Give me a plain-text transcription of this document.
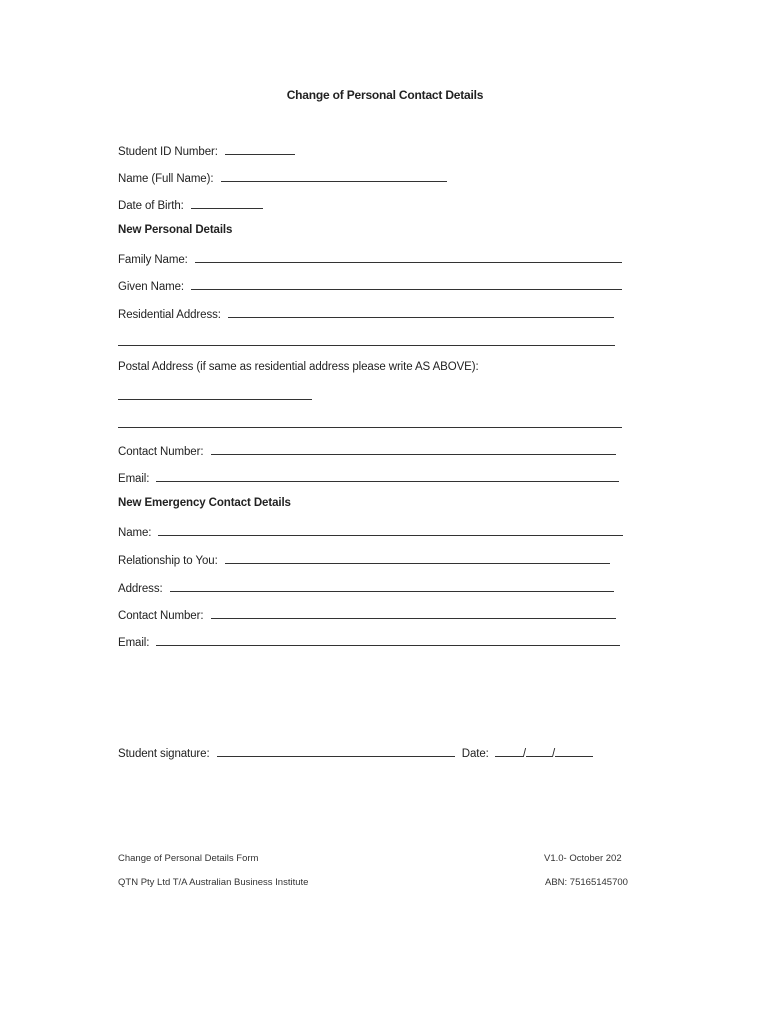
Change of Personal Contact Details
Student ID Number:
Name (Full Name):
Date of Birth:
New Personal Details
Family Name:
Given Name:
Residential Address:
Postal Address (if same as residential address please write AS ABOVE):
Contact Number:
Email:
New Emergency Contact Details
Name:
Relationship to You:
Address:
Contact Number:
Email:
Student signature:	Date:	/ /
Change of Personal Details Form	V1.0- October 202
QTN Pty Ltd T/A Australian Business Institute	ABN: 75165145700
